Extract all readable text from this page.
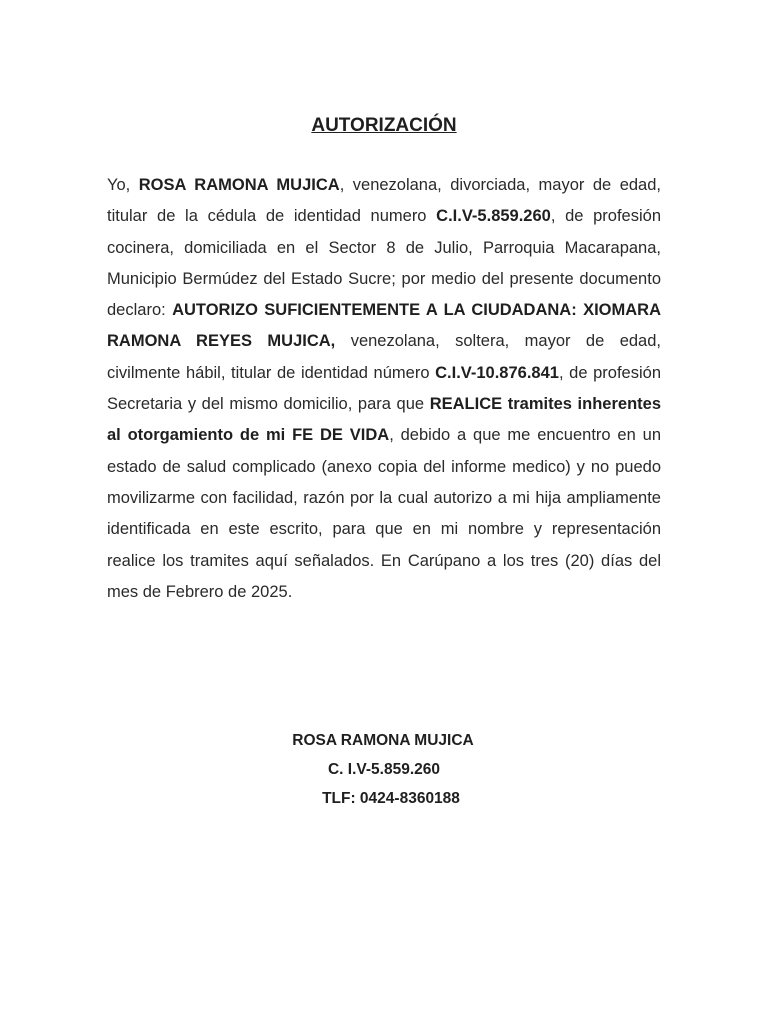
AUTORIZACIÓN

Yo, ROSA RAMONA MUJICA, venezolana, divorciada, mayor de edad, titular de la cédula de identidad numero C.I.V-5.859.260, de profesión cocinera, domiciliada en el Sector 8 de Julio, Parroquia Macarapana, Municipio Bermúdez del Estado Sucre; por medio del presente documento declaro: AUTORIZO SUFICIENTEMENTE A LA CIUDADANA: XIOMARA RAMONA REYES MUJICA, venezolana, soltera, mayor de edad, civilmente hábil, titular de identidad número C.I.V-10.876.841, de profesión Secretaria y del mismo domicilio, para que REALICE tramites inherentes al otorgamiento de mi FE DE VIDA, debido a que me encuentro en un estado de salud complicado (anexo copia del informe medico) y no puedo movilizarme con facilidad, razón por la cual autorizo a mi hija ampliamente identificada en este escrito, para que en mi nombre y representación realice los tramites aquí señalados. En Carúpano a los tres (20) días del mes de Febrero de 2025.

ROSA RAMONA MUJICA
C. I.V-5.859.260
TLF: 0424-8360188
